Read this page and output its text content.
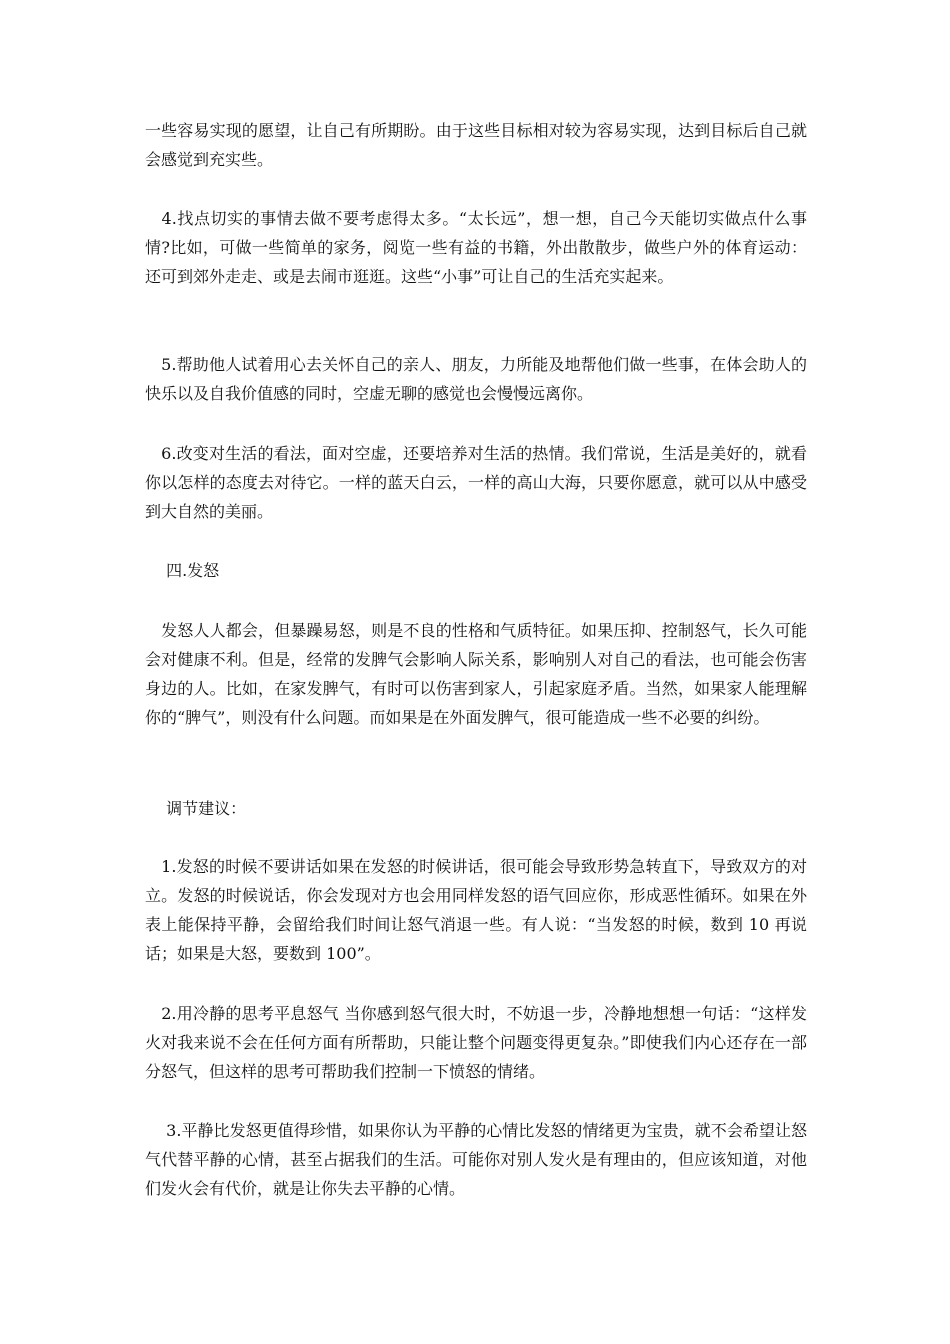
一些容易实现的愿望，让自己有所期盼。由于这些目标相对较为容易实现，达到目标后自己就会感觉到充实些。

　4.找点切实的事情去做不要考虑得太多。“太长远”，想一想，自己今天能切实做点什么事情?比如，可做一些简单的家务，阅览一些有益的书籍，外出散散步，做些户外的体育运动：还可到郊外走走、或是去闹市逛逛。这些“小事”可让自己的生活充实起来。

　5.帮助他人试着用心去关怀自己的亲人、朋友，力所能及地帮他们做一些事，在体会助人的快乐以及自我价值感的同时，空虚无聊的感觉也会慢慢远离你。

　6.改变对生活的看法，面对空虚，还要培养对生活的热情。我们常说，生活是美好的，就看你以怎样的态度去对待它。一样的蓝天白云，一样的高山大海，只要你愿意，就可以从中感受到大自然的美丽。

　 四.发怒

　发怒人人都会，但暴躁易怒，则是不良的性格和气质特征。如果压抑、控制怒气，长久可能会对健康不利。但是，经常的发脾气会影响人际关系，影响别人对自己的看法，也可能会伤害身边的人。比如，在家发脾气，有时可以伤害到家人，引起家庭矛盾。当然，如果家人能理解你的“脾气”，则没有什么问题。而如果是在外面发脾气，很可能造成一些不必要的纠纷。

　 调节建议：

　1.发怒的时候不要讲话如果在发怒的时候讲话，很可能会导致形势急转直下，导致双方的对立。发怒的时候说话，你会发现对方也会用同样发怒的语气回应你，形成恶性循环。如果在外表上能保持平静，会留给我们时间让怒气消退一些。有人说：“当发怒的时候，数到 10 再说话；如果是大怒，要数到 100”。

　2.用冷静的思考平息怒气 当你感到怒气很大时，不妨退一步，冷静地想想一句话：“这样发火对我来说不会在任何方面有所帮助，只能让整个问题变得更复杂。”即使我们内心还存在一部分怒气，但这样的思考可帮助我们控制一下愤怒的情绪。

　 3.平静比发怒更值得珍惜，如果你认为平静的心情比发怒的情绪更为宝贵，就不会希望让怒气代替平静的心情，甚至占据我们的生活。可能你对别人发火是有理由的，但应该知道，对他们发火会有代价，就是让你失去平静的心情。
